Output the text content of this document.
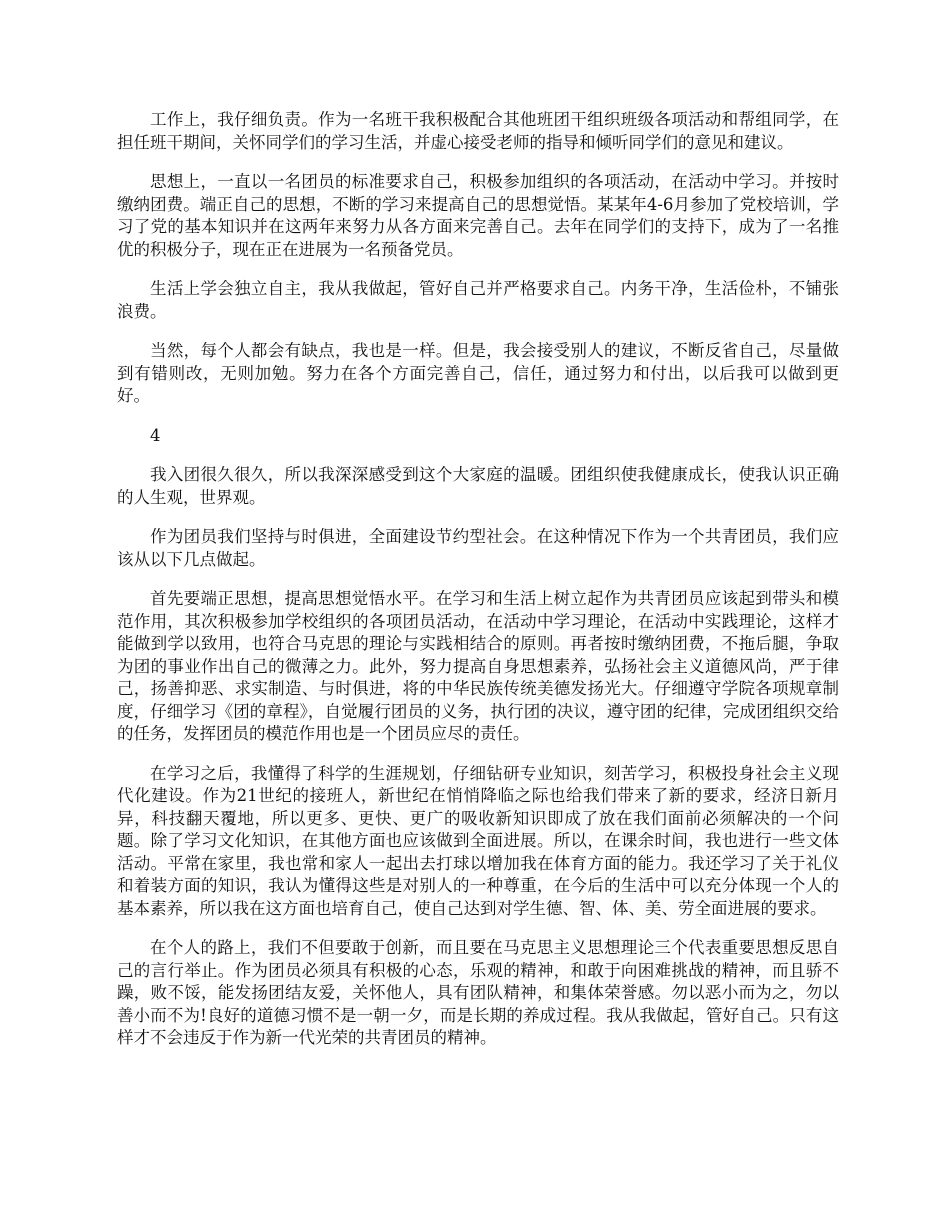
工作上，我仔细负责。作为一名班干我积极配合其他班团干组织班级各项活动和帮组同学，在担任班干期间，关怀同学们的学习生活，并虚心接受老师的指导和倾听同学们的意见和建议。

思想上，一直以一名团员的标准要求自己，积极参加组织的各项活动，在活动中学习。并按时缴纳团费。端正自己的思想，不断的学习来提高自己的思想觉悟。某某年4-6月参加了党校培训，学习了党的基本知识并在这两年来努力从各方面来完善自己。去年在同学们的支持下，成为了一名推优的积极分子，现在正在进展为一名预备党员。

生活上学会独立自主，我从我做起，管好自己并严格要求自己。内务干净，生活俭朴，不铺张浪费。

当然，每个人都会有缺点，我也是一样。但是，我会接受别人的建议，不断反省自己，尽量做到有错则改，无则加勉。努力在各个方面完善自己，信任，通过努力和付出，以后我可以做到更好。

4

我入团很久很久，所以我深深感受到这个大家庭的温暖。团组织使我健康成长，使我认识正确的人生观，世界观。

作为团员我们坚持与时俱进，全面建设节约型社会。在这种情况下作为一个共青团员，我们应该从以下几点做起。

首先要端正思想，提高思想觉悟水平。在学习和生活上树立起作为共青团员应该起到带头和模范作用，其次积极参加学校组织的各项团员活动，在活动中学习理论，在活动中实践理论，这样才能做到学以致用，也符合马克思的理论与实践相结合的原则。再者按时缴纳团费，不拖后腿，争取为团的事业作出自己的微薄之力。此外，努力提高自身思想素养，弘扬社会主义道德风尚，严于律己，扬善抑恶、求实制造、与时俱进，将的中华民族传统美德发扬光大。仔细遵守学院各项规章制度，仔细学习《团的章程》，自觉履行团员的义务，执行团的决议，遵守团的纪律，完成团组织交给的任务，发挥团员的模范作用也是一个团员应尽的责任。

在学习之后，我懂得了科学的生涯规划，仔细钻研专业知识，刻苦学习，积极投身社会主义现代化建设。作为21世纪的接班人，新世纪在悄悄降临之际也给我们带来了新的要求，经济日新月异，科技翻天覆地，所以更多、更快、更广的吸收新知识即成了放在我们面前必须解决的一个问题。除了学习文化知识，在其他方面也应该做到全面进展。所以，在课余时间，我也进行一些文体活动。平常在家里，我也常和家人一起出去打球以增加我在体育方面的能力。我还学习了关于礼仪和着装方面的知识，我认为懂得这些是对别人的一种尊重，在今后的生活中可以充分体现一个人的基本素养，所以我在这方面也培育自己，使自己达到对学生德、智、体、美、劳全面进展的要求。

在个人的路上，我们不但要敢于创新，而且要在马克思主义思想理论三个代表重要思想反思自己的言行举止。作为团员必须具有积极的心态，乐观的精神，和敢于向困难挑战的精神，而且骄不躁，败不馁，能发扬团结友爱，关怀他人，具有团队精神，和集体荣誉感。勿以恶小而为之，勿以善小而不为!良好的道德习惯不是一朝一夕，而是长期的养成过程。我从我做起，管好自己。只有这样才不会违反于作为新一代光荣的共青团员的精神。
